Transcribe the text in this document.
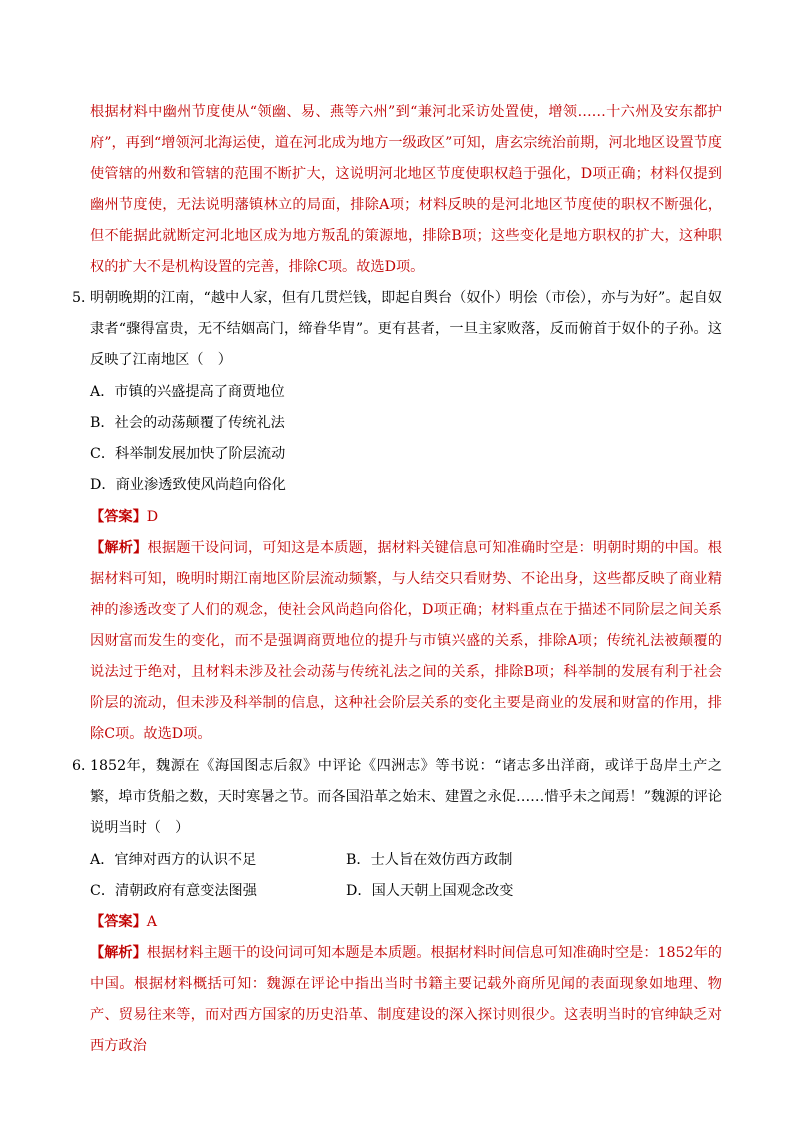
根据材料中幽州节度使从“领幽、易、燕等六州”到“兼河北采访处置使，增领……十六州及安东都护府”，再到“增领河北海运使，道在河北成为地方一级政区”可知，唐玄宗统治前期，河北地区设置节度使管辖的州数和管辖的范围不断扩大，这说明河北地区节度使职权趋于强化，D项正确；材料仅提到幽州节度使，无法说明藩镇林立的局面，排除A项；材料反映的是河北地区节度使的职权不断强化，但不能据此就断定河北地区成为地方叛乱的策源地，排除B项；这些变化是地方职权的扩大，这种职权的扩大不是机构设置的完善，排除C项。故选D项。

5．

明朝晚期的江南，“越中人家，但有几贯烂钱，即起自舆台（奴仆）明侩（市侩），亦与为好”。起自奴隶者“骤得富贵，无不结姻高门，缔眷华胄”。更有甚者，一旦主家败落，反而俯首于奴仆的子孙。这反映了江南地区（　）

A．市镇的兴盛提高了商贾地位
B．社会的动荡颠覆了传统礼法
C．科举制发展加快了阶层流动
D．商业渗透致使风尚趋向俗化
【答案】D

【解析】根据题干设问词，可知这是本质题，据材料关键信息可知准确时空是：明朝时期的中国。根据材料可知，晚明时期江南地区阶层流动频繁，与人结交只看财势、不论出身，这些都反映了商业精神的渗透改变了人们的观念，使社会风尚趋向俗化，D项正确；材料重点在于描述不同阶层之间关系因财富而发生的变化，而不是强调商贾地位的提升与市镇兴盛的关系，排除A项；传统礼法被颠覆的说法过于绝对，且材料未涉及社会动荡与传统礼法之间的关系，排除B项；科举制的发展有利于社会阶层的流动，但未涉及科举制的信息，这种社会阶层关系的变化主要是商业的发展和财富的作用，排除C项。故选D项。

6．

1852年，魏源在《海国图志后叙》中评论《四洲志》等书说：“诸志多出洋商，或详于岛岸土产之繁，埠市货船之数，天时寒暑之节。而各国沿革之始末、建置之永促……惜乎未之闻焉！”魏源的评论说明当时（　）

A．官绅对西方的认识不足	B．士人旨在效仿西方政制
C．清朝政府有意变法图强	D．国人天朝上国观念改变
【答案】A

【解析】根据材料主题干的设问词可知本题是本质题。根据材料时间信息可知准确时空是：1852年的中国。根据材料概括可知：魏源在评论中指出当时书籍主要记载外商所见闻的表面现象如地理、物产、贸易往来等，而对西方国家的历史沿革、制度建设的深入探讨则很少。这表明当时的官绅缺乏对西方政治
